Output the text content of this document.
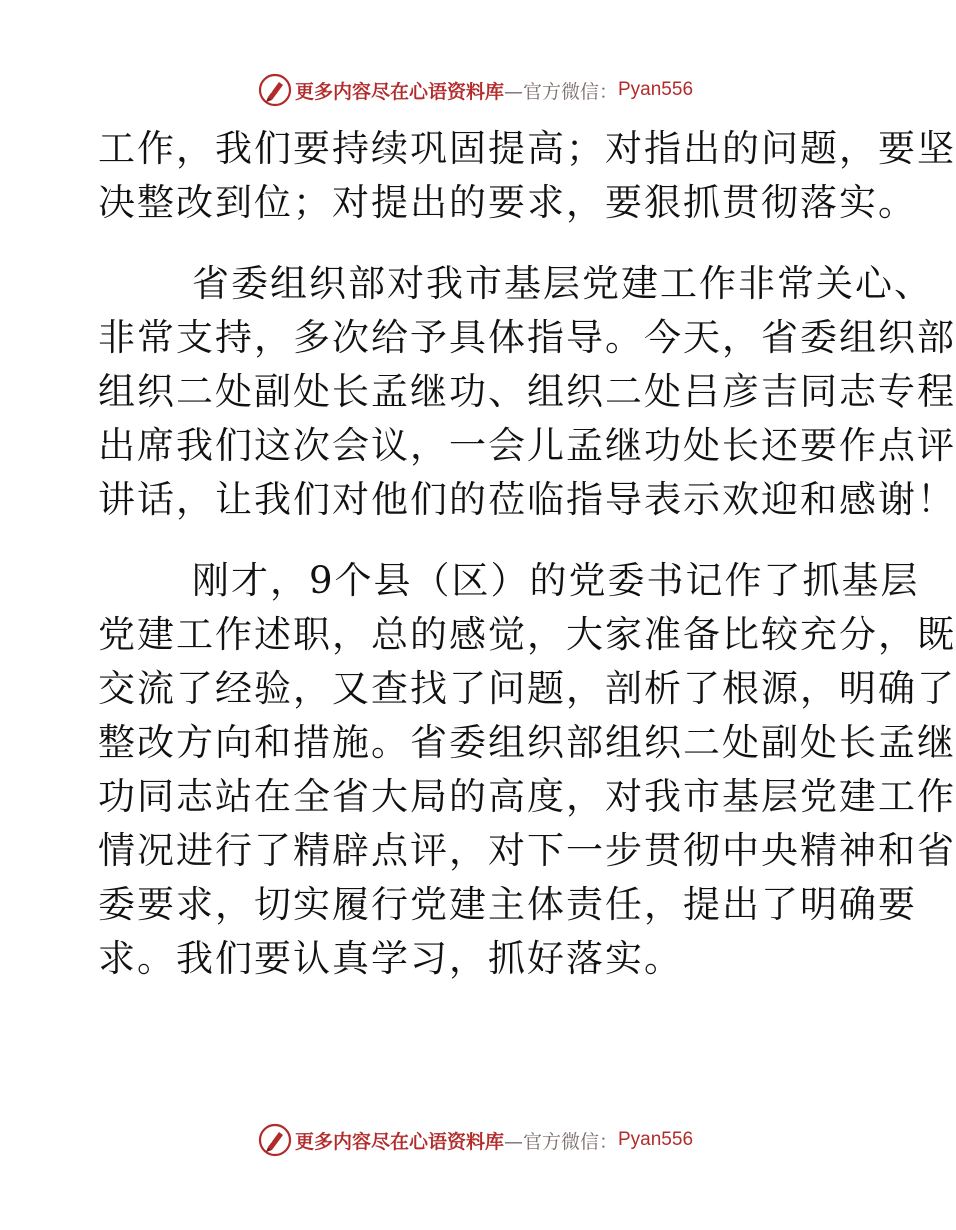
更多内容尽在心语资料库 —官方微信： Pyan556
工作，我们要持续巩固提高；对指出的问题，要坚
决整改到位；对提出的要求，要狠抓贯彻落实。
省委组织部对我市基层党建工作非常关心、
非常支持，多次给予具体指导。今天，省委组织部
组织二处副处长孟继功、组织二处吕彦吉同志专程
出席我们这次会议，一会儿孟继功处长还要作点评
讲话，让我们对他们的莅临指导表示欢迎和感谢！
刚才，9个县（区）的党委书记作了抓基层
党建工作述职，总的感觉，大家准备比较充分，既
交流了经验，又查找了问题，剖析了根源，明确了
整改方向和措施。省委组织部组织二处副处长孟继
功同志站在全省大局的高度，对我市基层党建工作
情况进行了精辟点评，对下一步贯彻中央精神和省
委要求，切实履行党建主体责任，提出了明确要
求。我们要认真学习，抓好落实。
更多内容尽在心语资料库 —官方微信： Pyan556
